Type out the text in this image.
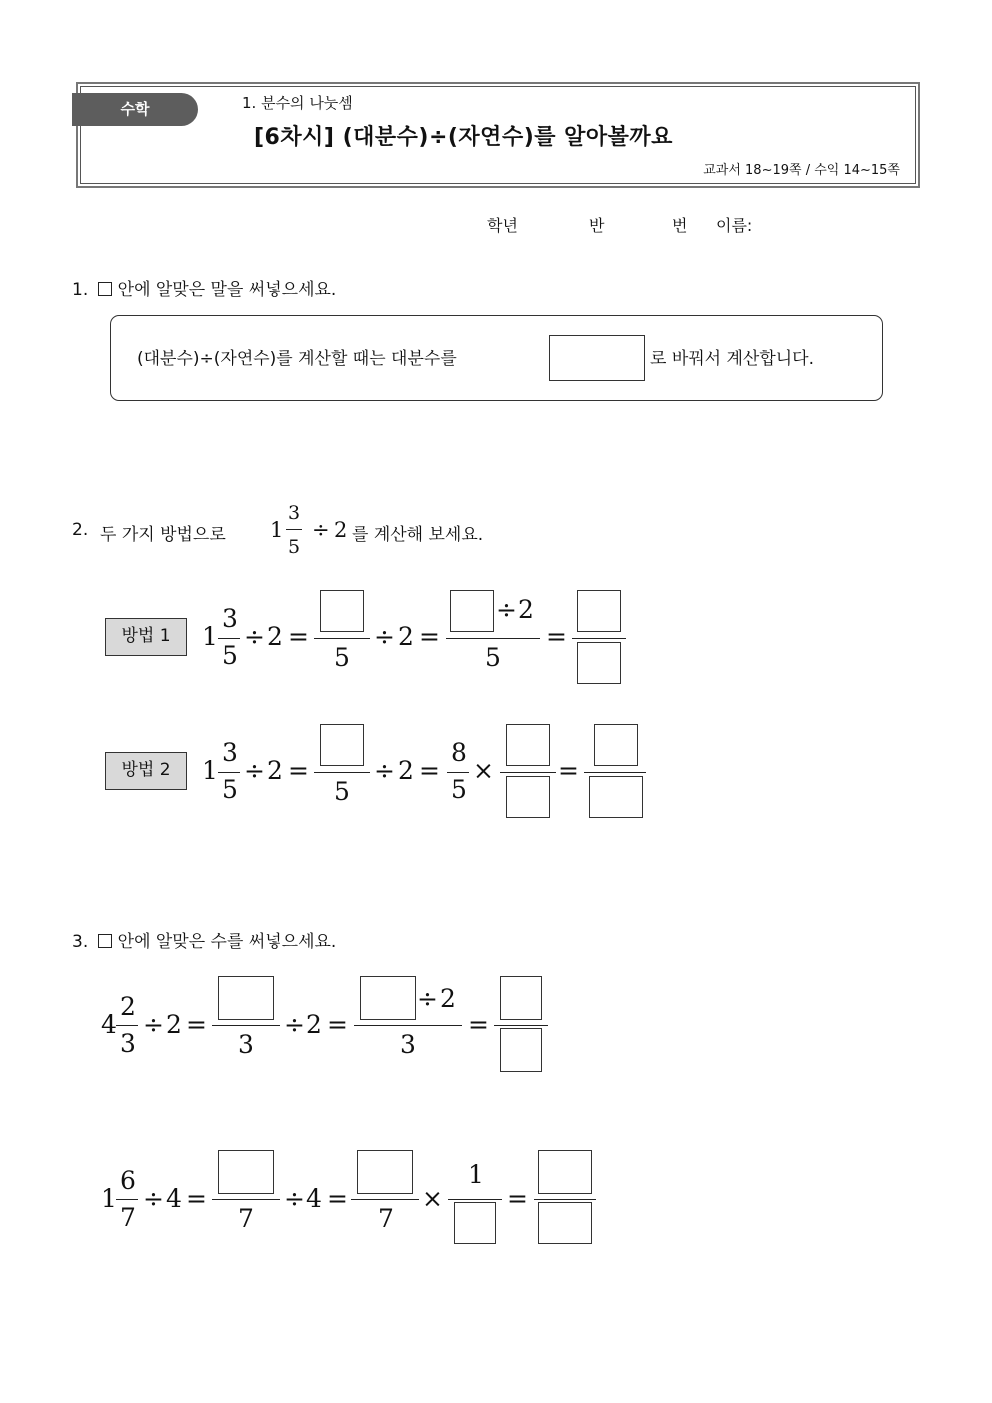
수학	1. 분수의 나눗셈
[6차시] (대분수)÷(자연수)를 알아볼까요
교과서 18~19쪽 / 수익 14~15쪽
학년	반	번 이름:
1. 안에 알맞은 말을 써넣으세요.
(대분수)÷(자연수)를 계산할 때는 대분수를	로 바꿔서 계산합니다.
2. 두 가지 방법으로 1
3
5
÷ 2 를 계산해 보세요.
방법 1	1
3
5
÷ 2 =
5
÷ 2 =
÷ 2
5
=
방법 2	1
3
5
÷ 2 =
5
÷ 2 =
8
5
×	=
3. 안에 알맞은 수를 써넣으세요.
4
2
3
÷ 2 =
3
÷ 2 =
÷ 2
3
=
1
6
7
÷ 4 =
7
÷ 4 =
7
×
1
=
